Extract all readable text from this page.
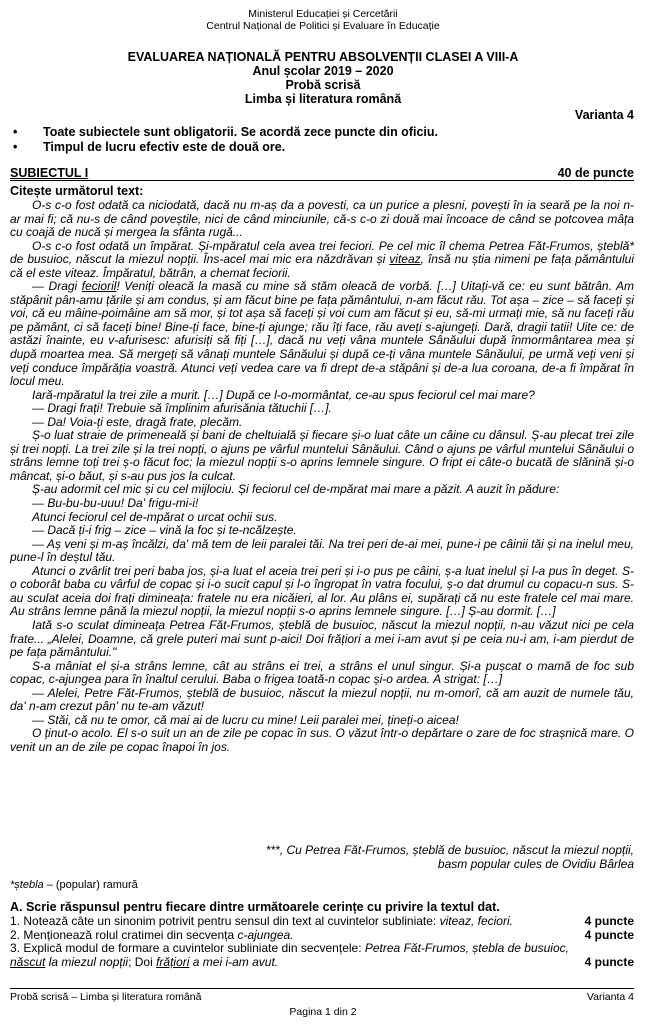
Ministerul Educației și Cercetării
Centrul Național de Politici și Evaluare în Educație
EVALUAREA NAȚIONALĂ PENTRU ABSOLVENȚII CLASEI A VIII-A
Anul școlar 2019 – 2020
Probă scrisă
Limba și literatura română
Varianta 4
•	Toate subiectele sunt obligatorii. Se acordă zece puncte din oficiu.
•	Timpul de lucru efectiv este de două ore.
SUBIECTUL I	40 de puncte
Citește următorul text:

O-s c-o fost odată ca niciodată, dacă nu m-aș da a povesti, ca un purice a plesni, povești în ia seară pe la noi n-ar mai fi; că nu-s de când poveștile, nici de când minciunile, că-s c-o zi două mai încoace de când se potcovea mâța cu coajă de nucă și mergea la sfânta rugă...

O-s c-o fost odată un împărat. Și-mpăratul cela avea trei feciori. Pe cel mic îl chema Petrea Făt-Frumos, șteblă* de busuioc, născut la miezul nopții. Îns-acel mai mic era năzdrăvan și viteaz, însă nu știa nimeni pe fața pământului că el este viteaz. Împăratul, bătrân, a chemat feciorii.

— Dragi fecioril! Veniți oleacă la masă cu mine să stăm oleacă de vorbă. […] Uitați-vă ce: eu sunt bătrân. Am stăpânit pân-amu țările și am condus, și am făcut bine pe fața pământului, n-am făcut rău. Tot așa – zice – să faceți și voi, că eu mâine-poimâine am să mor, și tot așa să faceți și voi cum am făcut și eu, să-mi urmați mie, să nu faceți rău pe pământ, ci să faceți bine! Bine-ți face, bine-ți ajunge; rău îți face, rău aveți s-ajungeți. Dară, dragii tatii! Uite ce: de astăzi înainte, eu v-afurisesc: afurisiți să fiți […], dacă nu veți vâna muntele Sânăului după înmormântarea mea și după moartea mea. Să mergeți să vânați muntele Sânăului și după ce-ți vâna muntele Sânăului, pe urmă veți veni și veți conduce împărăția voastră. Atunci veți vedea care va fi drept de-a stăpâni și de-a lua coroana, de-a fi împărat în locul meu.

Iară-mpăratul la trei zile a murit. […] După ce l-o-mormântat, ce-au spus feciorul cel mai mare?

— Dragi frați! Trebuie să împlinim afurisănia tătuchii […].

— Da! Voia-ți este, dragă frate, plecăm.

Ș-o luat straie de primeneală și bani de cheltuială și fiecare și-o luat câte un câine cu dânsul. Ș-au plecat trei zile și trei nopți. La trei zile și la trei nopți, o ajuns pe vârful muntelui Sânăului. Când o ajuns pe vârful muntelui Sânăului o strâns lemne toți trei ș-o făcut foc; la miezul nopții s-o aprins lemnele singure. O fript ei câte-o bucată de slănină și-o mâncat, și-o băut, și s-au pus jos la culcat.

Ș-au adormit cel mic și cu cel mijlociu. Și feciorul cel de-mpărat mai mare a păzit. A auzit în pădure:

— Bu-bu-bu-uuu! Da' frigu-mi-i!

Atunci feciorul cel de-mpărat o urcat ochii sus.

— Dacă ți-i frig – zice – vină la foc și te-ncălzește.

— Aș veni și m-aș încălzi, da' mă tem de leii paralei tăi. Na trei peri de-ai mei, pune-i pe câinii tăi și na inelul meu, pune-l în deștul tău.

Atunci o zvârlit trei peri baba jos, și-a luat el aceia trei peri și i-o pus pe câini, ș-a luat inelul și l-a pus în deget. S-o coborât baba cu vârful de copac și i-o sucit capul și l-o îngropat în vatra focului, ș-o dat drumul cu copacu-n sus. S-au sculat aceia doi frați dimineața: fratele nu era nicăieri, al lor. Au plâns ei, supărați că nu este fratele cel mai mare. Au strâns lemne până la miezul nopții, la miezul nopții s-o aprins lemnele singure. […] Ș-au dormit. […]

Iată s-o sculat dimineața Petrea Făt-Frumos, șteblă de busuioc, născut la miezul nopții, n-au văzut nici pe cela frate... „Alelei, Doamne, că grele puteri mai sunt p-aici! Doi frățiori a mei i-am avut și pe ceia nu-i am, i-am pierdut de pe fața pământului."

S-a mâniat el și-a strâns lemne, cât au strâns ei trei, a strâns el unul singur. Și-a pușcat o mamă de foc sub copac, c-ajungea para în înaltul cerului. Baba o frigea toată-n copac și-o ardea. A strigat: […]

— Alelei, Petre Făt-Frumos, șteblă de busuioc, născut la miezul nopții, nu m-omorî, că am auzit de numele tău, da' n-am crezut pân' nu te-am văzut!

— Stăi, că nu te omor, că mai ai de lucru cu mine! Leii paralei mei, țineți-o aicea!

O ținut-o acolo. El s-o suit un an de zile pe copac în sus. O văzut într-o depărtare o zare de foc strașnică mare. O venit un an de zile pe copac înapoi în jos.

***, Cu Petrea Făt-Frumos, șteblă de busuioc, născut la miezul nopții,
basm popular cules de Ovidiu Bârlea
*ștebla – (popular) ramură
A. Scrie răspunsul pentru fiecare dintre următoarele cerințe cu privire la textul dat.
1. Notează câte un sinonim potrivit pentru sensul din text al cuvintelor subliniate: viteaz, feciori.	4 puncte
2. Menționează rolul cratimei din secvența c-ajungea.	4 puncte
3. Explică modul de formare a cuvintelor subliniate din secvențele: Petrea Făt-Frumos, ștebla de busuioc,
născut la miezul nopții; Doi frățiori a mei i-am avut.	4 puncte
Probă scrisă – Limba și literatura română	Varianta 4
Pagina 1 din 2
